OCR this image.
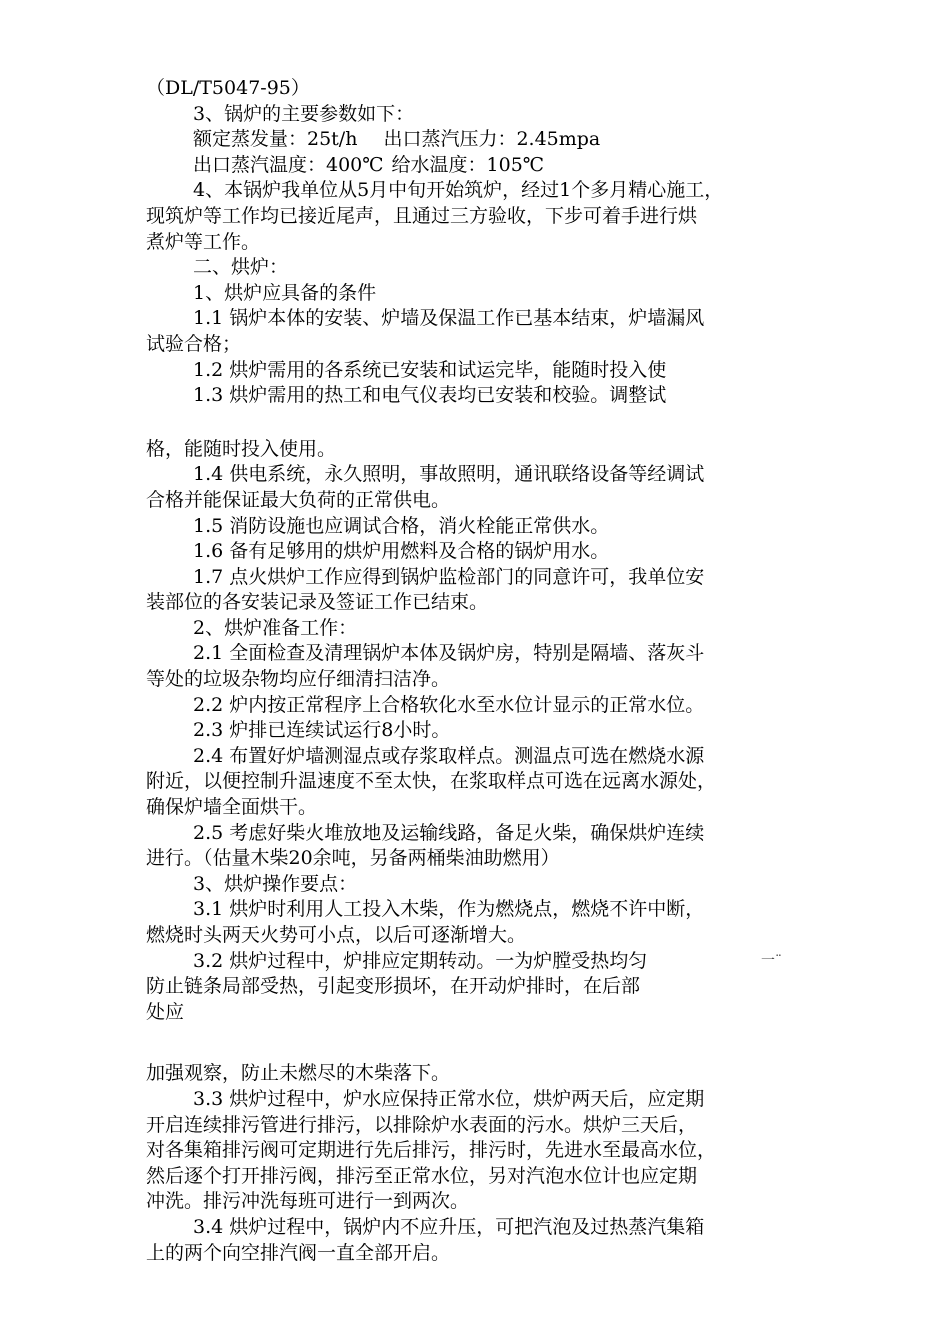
（DL/T5047-95）
3、锅炉的主要参数如下：
额定蒸发量：25t/h 出口蒸汽压力：2.45mpa
出口蒸汽温度：400℃ 给水温度：105℃
4、本锅炉我单位从5月中旬开始筑炉，经过1个多月精心施工，
现筑炉等工作均已接近尾声，且通过三方验收，下步可着手进行烘
煮炉等工作。
二、烘炉：
1、烘炉应具备的条件
1.1 锅炉本体的安装、炉墙及保温工作已基本结束，炉墙漏风
试验合格；
1.2 烘炉需用的各系统已安装和试运完毕，能随时投入使
1.3 烘炉需用的热工和电气仪表均已安装和校验。调整试
格，能随时投入使用。
1.4 供电系统，永久照明，事故照明，通讯联络设备等经调试
合格并能保证最大负荷的正常供电。
1.5 消防设施也应调试合格，消火栓能正常供水。
1.6 备有足够用的烘炉用燃料及合格的锅炉用水。
1.7 点火烘炉工作应得到锅炉监检部门的同意许可，我单位安
装部位的各安装记录及签证工作已结束。
2、烘炉准备工作：
2.1 全面检查及清理锅炉本体及锅炉房，特别是隔墙、落灰斗
等处的垃圾杂物均应仔细清扫洁净。
2.2 炉内按正常程序上合格软化水至水位计显示的正常水位。
2.3 炉排已连续试运行8小时。
2.4 布置好炉墙测湿点或存浆取样点。测温点可选在燃烧水源
附近，以便控制升温速度不至太快，在浆取样点可选在远离水源处，
确保炉墙全面烘干。
2.5 考虑好柴火堆放地及运输线路，备足火柴，确保烘炉连续
进行。（估量木柴20余吨，另备两桶柴油助燃用）
3、烘炉操作要点：
3.1 烘炉时利用人工投入木柴，作为燃烧点，燃烧不许中断，
燃烧时头两天火势可小点，以后可逐渐增大。
3.2 烘炉过程中，炉排应定期转动。一为炉膛受热均匀	一¨
防止链条局部受热，引起变形损坏，在开动炉排时，在后部
处应
加强观察，防止未燃尽的木柴落下。
3.3 烘炉过程中，炉水应保持正常水位，烘炉两天后，应定期
开启连续排污管进行排污，以排除炉水表面的污水。烘炉三天后，
对各集箱排污阀可定期进行先后排污，排污时，先进水至最高水位，
然后逐个打开排污阀，排污至正常水位，另对汽泡水位计也应定期
冲洗。排污冲洗每班可进行一到两次。
3.4 烘炉过程中，锅炉内不应升压，可把汽泡及过热蒸汽集箱
上的两个向空排汽阀一直全部开启。
